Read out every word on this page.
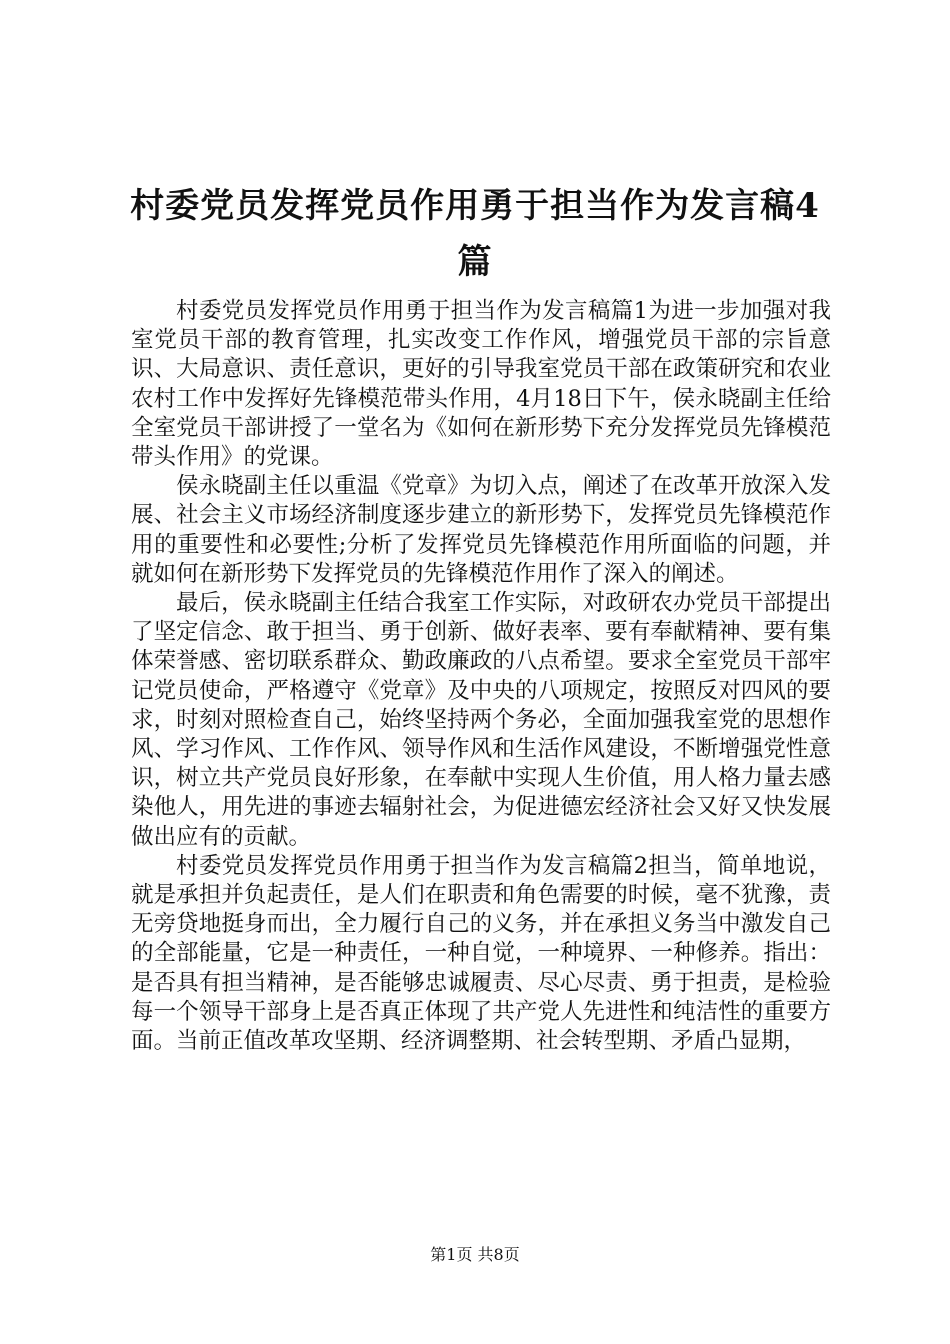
村委党员发挥党员作用勇于担当作为发言稿4篇

村委党员发挥党员作用勇于担当作为发言稿篇1为进一步加强对我室党员干部的教育管理，扎实改变工作作风，增强党员干部的宗旨意识、大局意识、责任意识，更好的引导我室党员干部在政策研究和农业农村工作中发挥好先锋模范带头作用，4月18日下午，侯永晓副主任给全室党员干部讲授了一堂名为《如何在新形势下充分发挥党员先锋模范带头作用》的党课。

侯永晓副主任以重温《党章》为切入点，阐述了在改革开放深入发展、社会主义市场经济制度逐步建立的新形势下，发挥党员先锋模范作用的重要性和必要性;分析了发挥党员先锋模范作用所面临的问题，并就如何在新形势下发挥党员的先锋模范作用作了深入的阐述。

最后，侯永晓副主任结合我室工作实际，对政研农办党员干部提出了坚定信念、敢于担当、勇于创新、做好表率、要有奉献精神、要有集体荣誉感、密切联系群众、勤政廉政的八点希望。要求全室党员干部牢记党员使命，严格遵守《党章》及中央的八项规定，按照反对四风的要求，时刻对照检查自己，始终坚持两个务必，全面加强我室党的思想作风、学习作风、工作作风、领导作风和生活作风建设，不断增强党性意识，树立共产党员良好形象，在奉献中实现人生价值，用人格力量去感染他人，用先进的事迹去辐射社会，为促进德宏经济社会又好又快发展做出应有的贡献。

村委党员发挥党员作用勇于担当作为发言稿篇2担当，简单地说，就是承担并负起责任，是人们在职责和角色需要的时候，毫不犹豫，责无旁贷地挺身而出，全力履行自己的义务，并在承担义务当中激发自己的全部能量，它是一种责任，一种自觉，一种境界、一种修养。指出：是否具有担当精神，是否能够忠诚履责、尽心尽责、勇于担责，是检验每一个领导干部身上是否真正体现了共产党人先进性和纯洁性的重要方面。当前正值改革攻坚期、经济调整期、社会转型期、矛盾凸显期，

第1页 共8页
